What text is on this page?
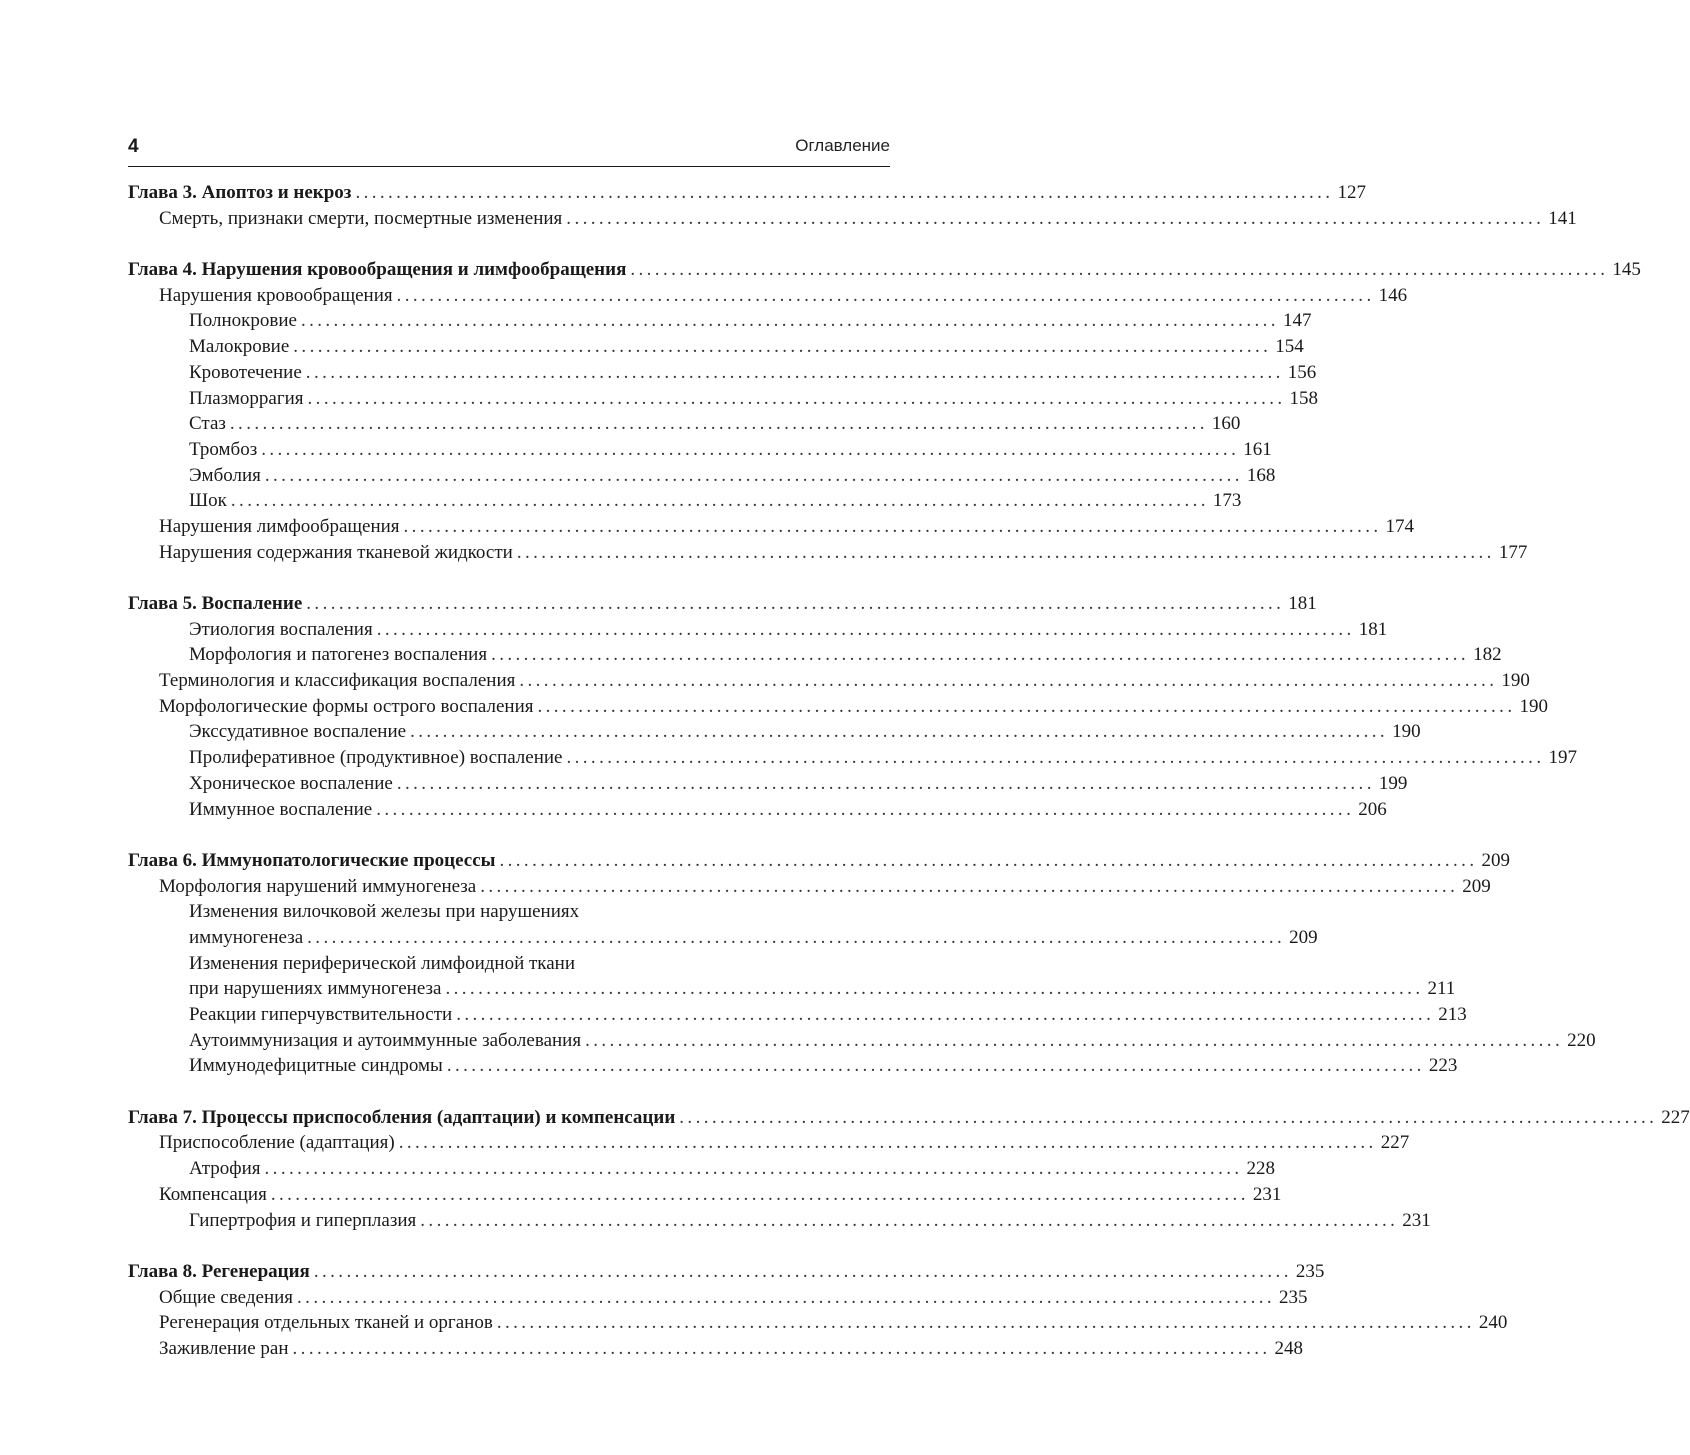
4	Оглавление
Глава 3. Апоптоз и некроз ........................................................................................................................ 127
Смерть, признаки смерти, посмертные изменения ........................................................................................................................ 141
Глава 4. Нарушения кровообращения и лимфообращения ........................................................................................................................ 145
Нарушения кровообращения ........................................................................................................................ 146
Полнокровие ........................................................................................................................ 147
Малокровие ........................................................................................................................ 154
Кровотечение ........................................................................................................................ 156
Плазморрагия ........................................................................................................................ 158
Стаз ........................................................................................................................ 160
Тромбоз ........................................................................................................................ 161
Эмболия ........................................................................................................................ 168
Шок ........................................................................................................................ 173
Нарушения лимфообращения ........................................................................................................................ 174
Нарушения содержания тканевой жидкости ........................................................................................................................ 177
Глава 5. Воспаление ........................................................................................................................ 181
Этиология воспаления ........................................................................................................................ 181
Морфология и патогенез воспаления ........................................................................................................................ 182
Терминология и классификация воспаления ........................................................................................................................ 190
Морфологические формы острого воспаления ........................................................................................................................ 190
Экссудативное воспаление ........................................................................................................................ 190
Пролиферативное (продуктивное) воспаление ........................................................................................................................ 197
Хроническое воспаление ........................................................................................................................ 199
Иммунное воспаление ........................................................................................................................ 206
Глава 6. Иммунопатологические процессы ........................................................................................................................ 209
Морфология нарушений иммуногенеза ........................................................................................................................ 209
Изменения вилочковой железы при нарушениях
иммуногенеза ........................................................................................................................ 209
Изменения периферической лимфоидной ткани
при нарушениях иммуногенеза ........................................................................................................................ 211
Реакции гиперчувствительности ........................................................................................................................ 213
Аутоиммунизация и аутоиммунные заболевания ........................................................................................................................ 220
Иммунодефицитные синдромы ........................................................................................................................ 223
Глава 7. Процессы приспособления (адаптации) и компенсации ........................................................................................................................ 227
Приспособление (адаптация) ........................................................................................................................ 227
Атрофия ........................................................................................................................ 228
Компенсация ........................................................................................................................ 231
Гипертрофия и гиперплазия ........................................................................................................................ 231
Глава 8. Регенерация ........................................................................................................................ 235
Общие сведения ........................................................................................................................ 235
Регенерация отдельных тканей и органов ........................................................................................................................ 240
Заживление ран ........................................................................................................................ 248
